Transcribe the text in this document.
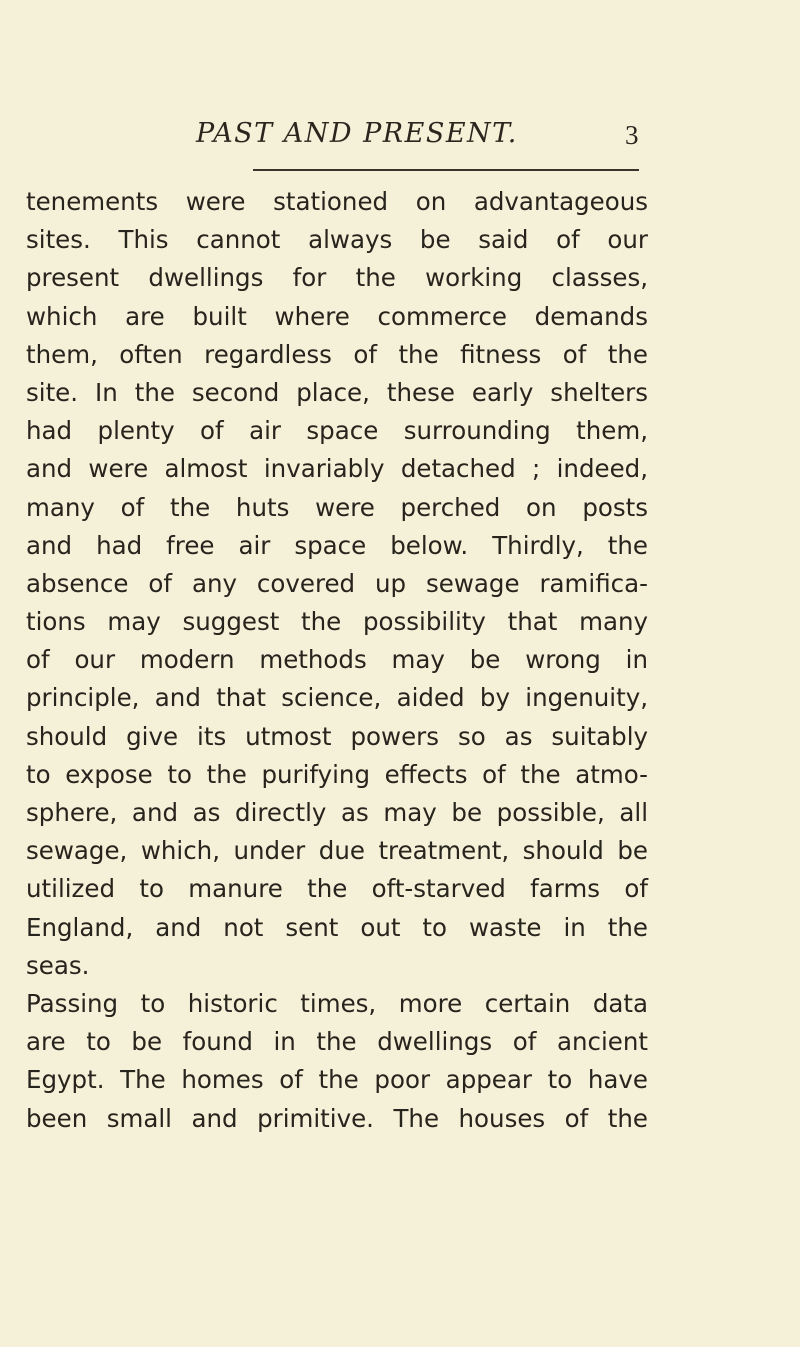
PAST AND PRESENT.	3
tenements were stationed on advantageous
sites. This cannot always be said of our
present dwellings for the working classes,
which are built where commerce demands
them, often regardless of the fitness of the
site. In the second place, these early shelters
had plenty of air space surrounding them,
and were almost invariably detached ; indeed,
many of the huts were perched on posts
and had free air space below. Thirdly, the
absence of any covered up sewage ramifica-
tions may suggest the possibility that many
of our modern methods may be wrong in
principle, and that science, aided by ingenuity,
should give its utmost powers so as suitably
to expose to the purifying effects of the atmo-
sphere, and as directly as may be possible, all
sewage, which, under due treatment, should be
utilized to manure the oft-starved farms of
England, and not sent out to waste in the
seas.
Passing to historic times, more certain data
are to be found in the dwellings of ancient
Egypt. The homes of the poor appear to have
been small and primitive. The houses of the
